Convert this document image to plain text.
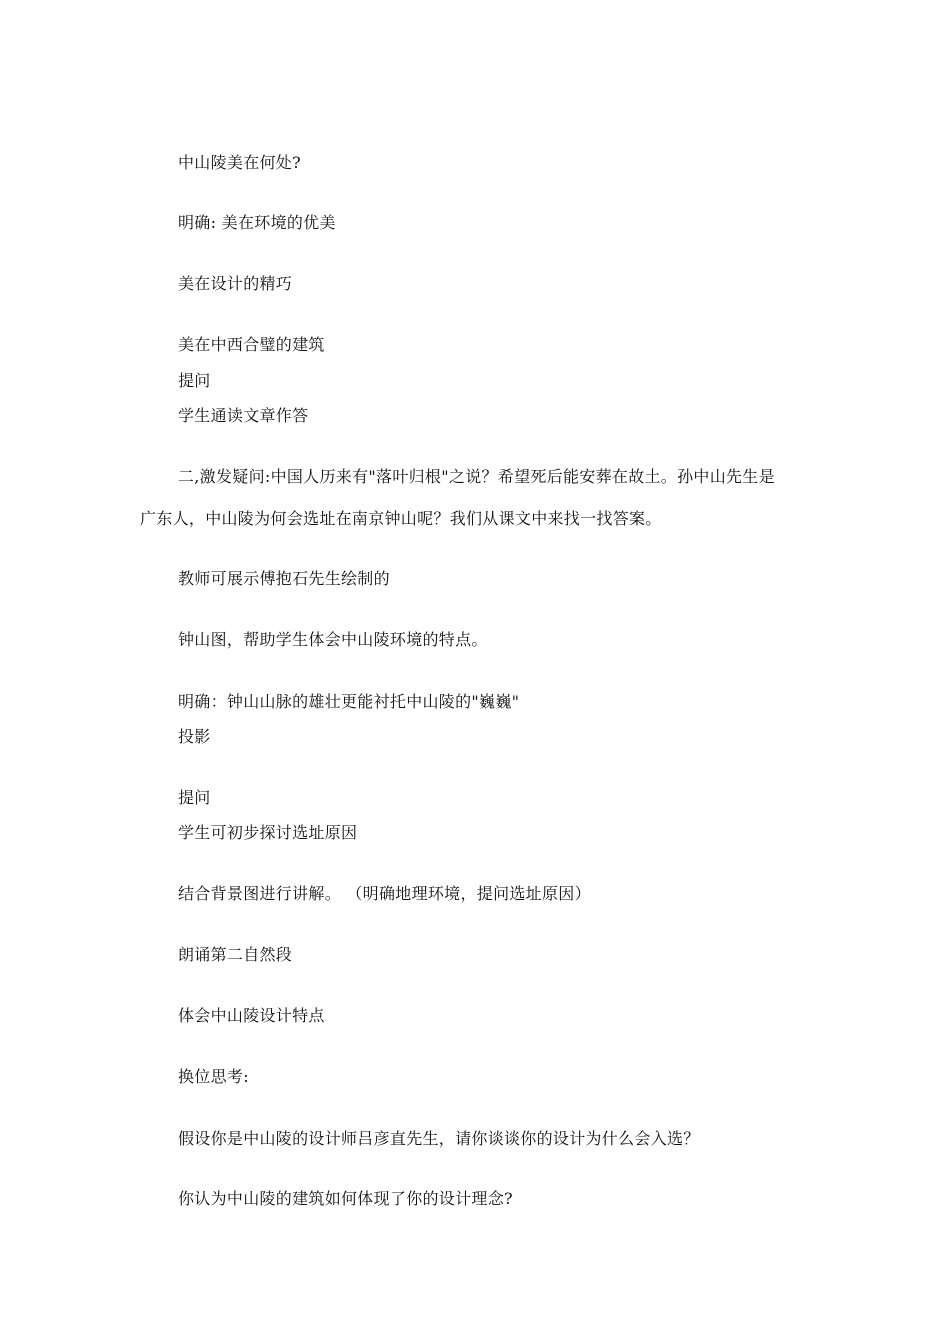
中山陵美在何处?
明确: 美在环境的优美
美在设计的精巧
美在中西合璧的建筑
提问
学生通读文章作答
二,激发疑问:中国人历来有"落叶归根"之说？希望死后能安葬在故土。孙中山先生是
广东人，中山陵为何会选址在南京钟山呢？我们从课文中来找一找答案。
教师可展示傅抱石先生绘制的
钟山图，帮助学生体会中山陵环境的特点。
明确：钟山山脉的雄壮更能衬托中山陵的"巍巍"
投影
提问
学生可初步探讨选址原因
结合背景图进行讲解。 （明确地理环境，提问选址原因）
朗诵第二自然段
体会中山陵设计特点
换位思考:
假设你是中山陵的设计师吕彦直先生，请你谈谈你的设计为什么会入选？
你认为中山陵的建筑如何体现了你的设计理念?
